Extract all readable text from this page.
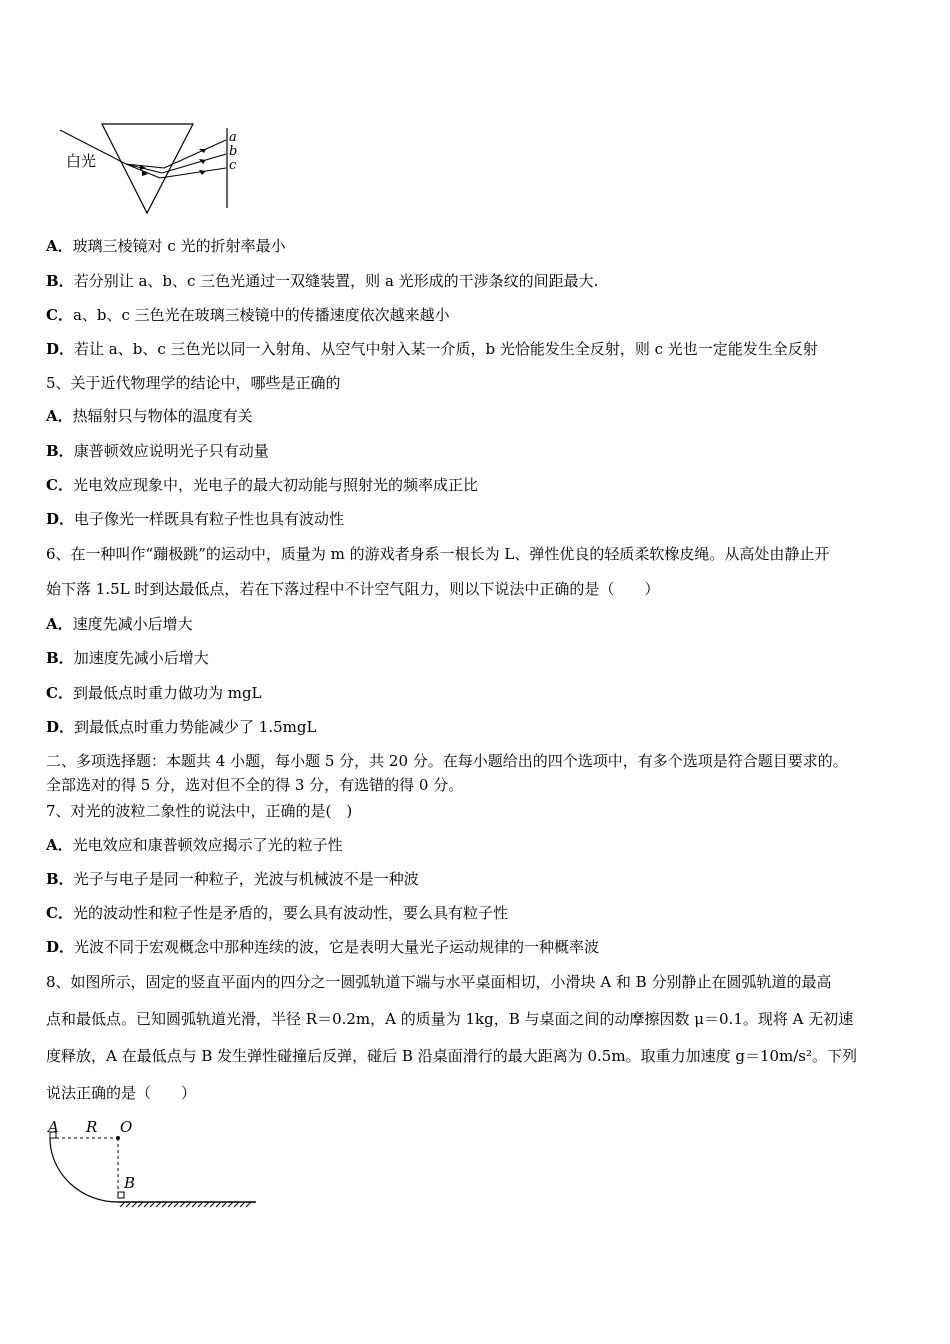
白光
a
b
c
A．玻璃三棱镜对 c 光的折射率最小
B．若分别让 a、b、c 三色光通过一双缝装置，则 a 光形成的干涉条纹的间距最大.
C．a、b、c 三色光在玻璃三棱镜中的传播速度依次越来越小
D．若让 a、b、c 三色光以同一入射角、从空气中射入某一介质，b 光恰能发生全反射，则 c 光也一定能发生全反射
5、关于近代物理学的结论中，哪些是正确的
A．热辐射只与物体的温度有关
B．康普顿效应说明光子只有动量
C．光电效应现象中，光电子的最大初动能与照射光的频率成正比
D．电子像光一样既具有粒子性也具有波动性
6、在一种叫作“蹦极跳”的运动中，质量为 m 的游戏者身系一根长为 L、弹性优良的轻质柔软橡皮绳。从高处由静止开
始下落 1.5L 时到达最低点，若在下落过程中不计空气阻力，则以下说法中正确的是（　　）
A．速度先减小后增大
B．加速度先减小后增大
C．到最低点时重力做功为 mgL
D．到最低点时重力势能减少了 1.5mgL
二、多项选择题：本题共 4 小题，每小题 5 分，共 20 分。在每小题给出的四个选项中，有多个选项是符合题目要求的。
全部选对的得 5 分，选对但不全的得 3 分，有选错的得 0 分。
7、对光的波粒二象性的说法中，正确的是(　)
A．光电效应和康普顿效应揭示了光的粒子性
B．光子与电子是同一种粒子，光波与机械波不是一种波
C．光的波动性和粒子性是矛盾的，要么具有波动性，要么具有粒子性
D．光波不同于宏观概念中那种连续的波，它是表明大量光子运动规律的一种概率波
8、如图所示，固定的竖直平面内的四分之一圆弧轨道下端与水平桌面相切，小滑块 A 和 B 分别静止在圆弧轨道的最高
点和最低点。已知圆弧轨道光滑，半径 R＝0.2m，A 的质量为 1kg，B 与桌面之间的动摩擦因数 μ＝0.1。现将 A 无初速
度释放，A 在最低点与 B 发生弹性碰撞后反弹，碰后 B 沿桌面滑行的最大距离为 0.5m。取重力加速度 g＝10m/s²。下列
说法正确的是（　　）
A R O
B
